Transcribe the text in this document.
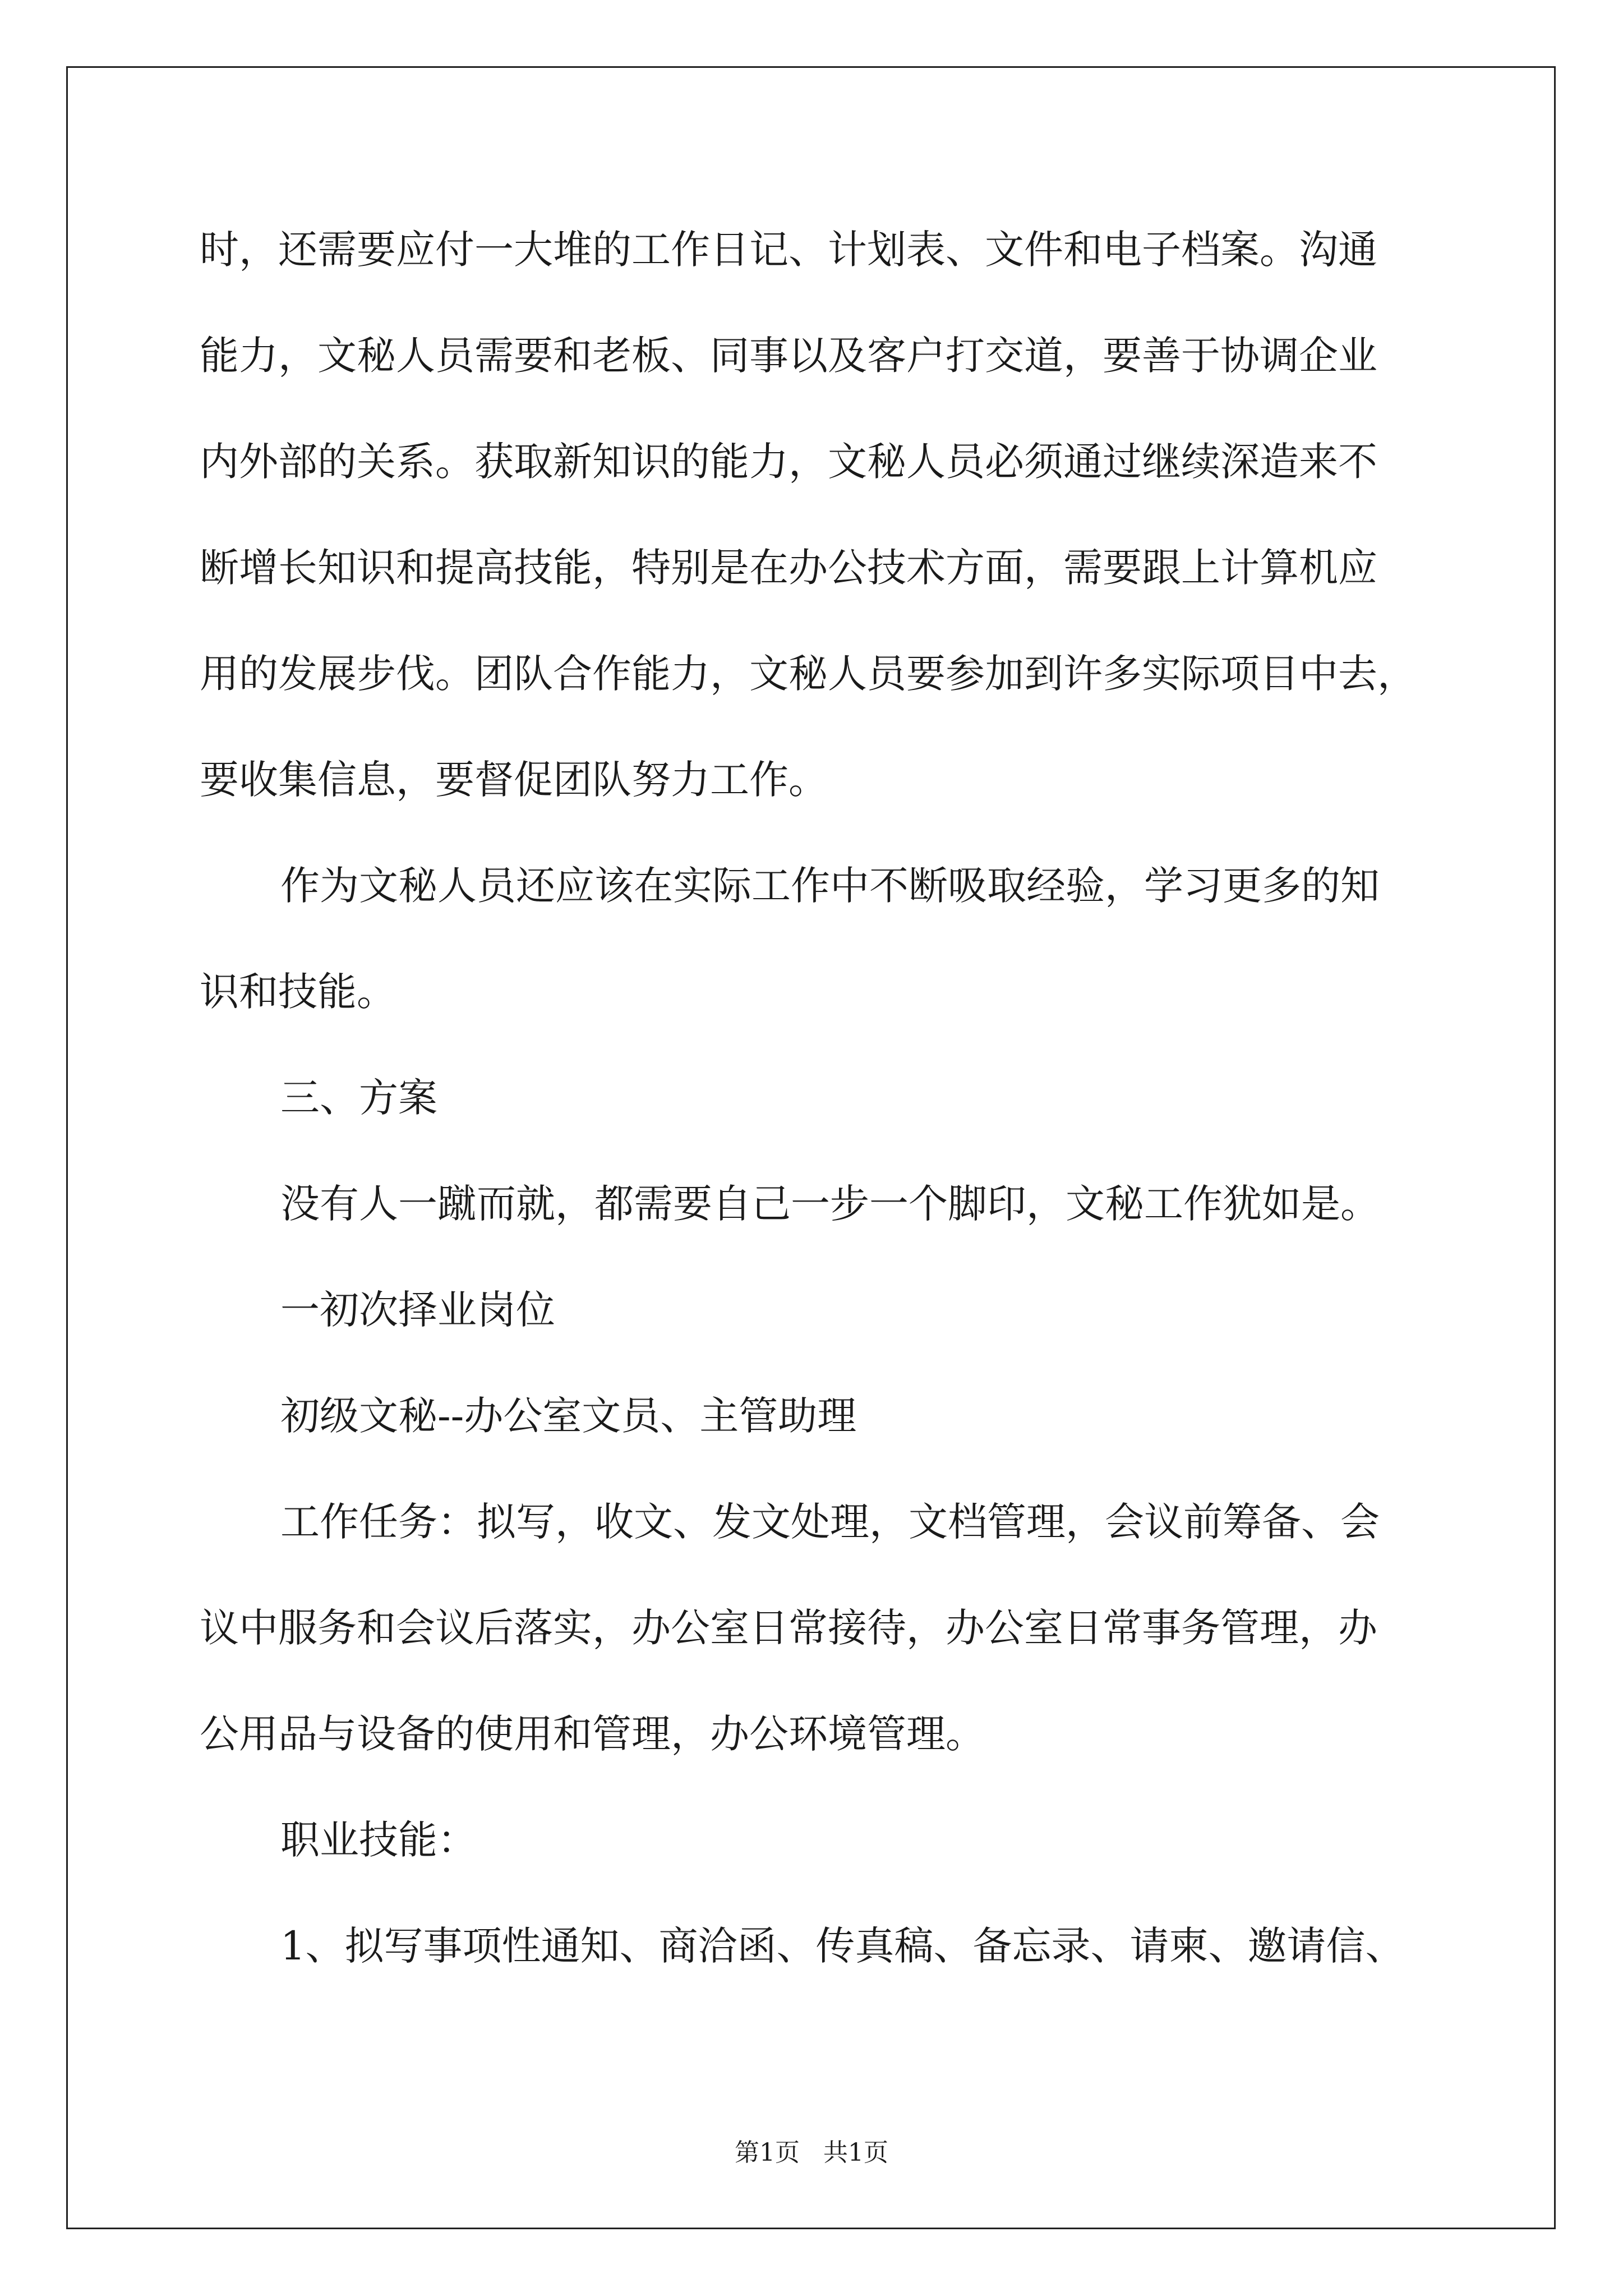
时，还需要应付一大堆的工作日记、计划表、文件和电子档案。沟通
能力，文秘人员需要和老板、同事以及客户打交道，要善于协调企业
内外部的关系。获取新知识的能力，文秘人员必须通过继续深造来不
断增长知识和提高技能，特别是在办公技术方面，需要跟上计算机应
用的发展步伐。团队合作能力，文秘人员要参加到许多实际项目中去，
要收集信息，要督促团队努力工作。
作为文秘人员还应该在实际工作中不断吸取经验，学习更多的知
识和技能。
三、方案
没有人一蹴而就，都需要自己一步一个脚印，文秘工作犹如是。
一初次择业岗位
初级文秘--办公室文员、主管助理
工作任务：拟写，收文、发文处理，文档管理，会议前筹备、会
议中服务和会议后落实，办公室日常接待，办公室日常事务管理，办
公用品与设备的使用和管理，办公环境管理。
职业技能：
1、拟写事项性通知、商洽函、传真稿、备忘录、请柬、邀请信、
第1页   共1页
